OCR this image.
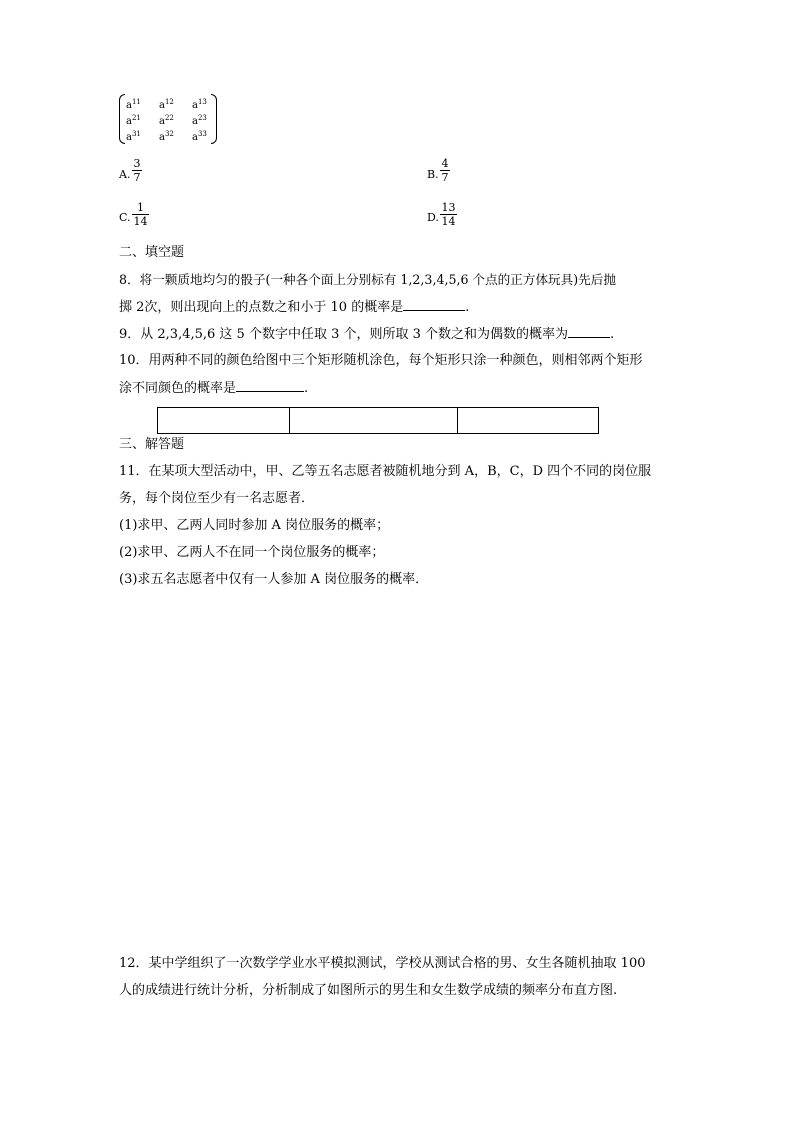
$a^{11}$ $a^{12}$ $a^{13}$
$a^{21}$ $a^{22}$ $a^{23}$
$a^{31}$ $a^{32}$ $a^{33}$
A.
3
7	B.
4
7
C.
1
14	D.
13
14
二、填空题
8．将一颗质地均匀的骰子(一种各个面上分别标有 1,2,3,4,5,6 个点的正方体玩具)先后抛
掷 2次，则出现向上的点数之和小于 10 的概率是	.
9．从 2,3,4,5,6 这 5 个数字中任取 3 个，则所取 3 个数之和为偶数的概率为	.
10．用两种不同的颜色给图中三个矩形随机涂色，每个矩形只涂一种颜色，则相邻两个矩形
涂不同颜色的概率是	.
三、解答题
11．在某项大型活动中，甲、乙等五名志愿者被随机地分到 A，B，C，D 四个不同的岗位服
务，每个岗位至少有一名志愿者．
(1)求甲、乙两人同时参加 A 岗位服务的概率；
(2)求甲、乙两人不在同一个岗位服务的概率；
(3)求五名志愿者中仅有一人参加 A 岗位服务的概率．
12．某中学组织了一次数学学业水平模拟测试，学校从测试合格的男、女生各随机抽取 100
人的成绩进行统计分析，分析制成了如图所示的男生和女生数学成绩的频率分布直方图.
